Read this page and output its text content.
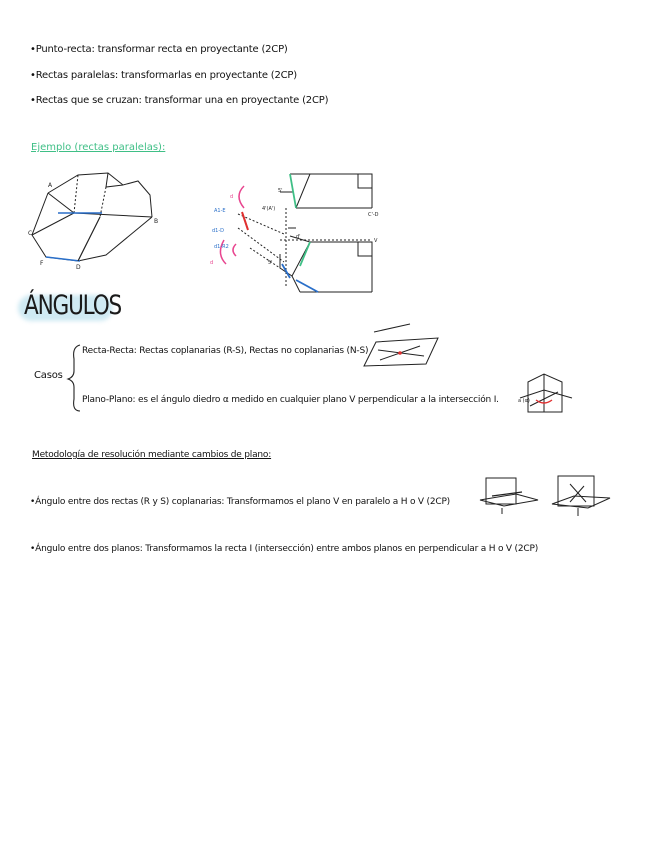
•Punto-recta: transformar recta en proyectante (2CP)
•Rectas paralelas: transformarlas en proyectante (2CP)
•Rectas que se cruzan: transformar una en proyectante (2CP)
Ejemplo (rectas paralelas):
A
B
C
F
D
d
d
5'
4'(A')
C'-D
A1-E
d1-D
d1-R2
V
5'
d'
ÁNGULOS
Casos
Recta-Recta: Rectas coplanarias (R-S), Rectas no coplanarias (N-S)
Plano-Plano: es el ángulo diedro α medido en cualquier plano V perpendicular a la intersección I.	a (α)
Metodología de resolución mediante cambios de plano:
•Ángulo entre dos rectas (R y S) coplanarias: Transformamos el plano V en paralelo a H o V (2CP)
•Ángulo entre dos planos: Transformamos la recta I (intersección) entre ambos planos en perpendicular a H o V (2CP)
